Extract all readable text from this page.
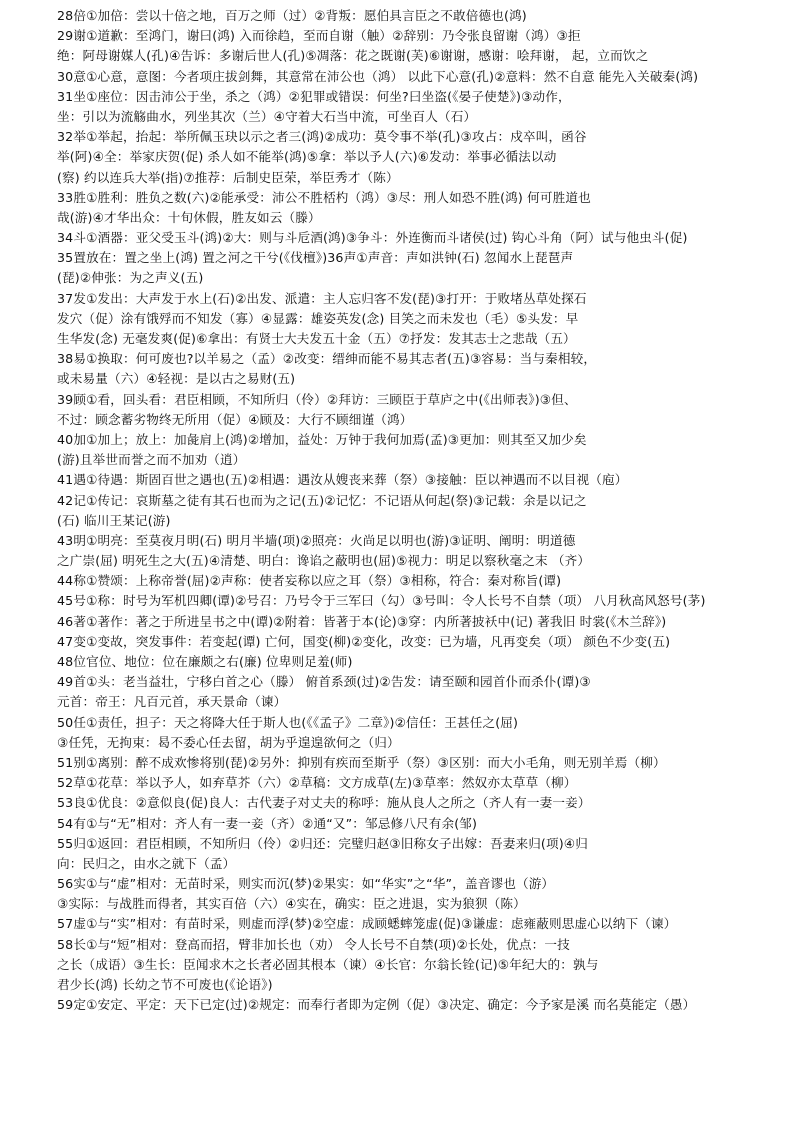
28倍①加倍：尝以十倍之地，百万之师（过）②背叛：愿伯具言臣之不敢倍德也(鸿)
29谢①道歉：至鸿门，谢曰(鸿) 入而徐趋，至而自谢（触）②辞别：乃令张良留谢（鸿）③拒
绝：阿母谢媒人(孔)④告诉：多谢后世人(孔)⑤凋落：花之既谢(芙)⑥谢谢，感谢：哙拜谢， 起，立而饮之
30意①心意，意图：今者项庄拔剑舞，其意常在沛公也（鸿） 以此下心意(孔)②意料：然不自意 能先入关破秦(鸿)
31坐①座位：因击沛公于坐，杀之（鸿）②犯罪或错误：何坐?曰坐盗(《晏子使楚》)③动作，
坐：引以为流觞曲水，列坐其次（兰）④守着大石当中流，可坐百人（石）
32举①举起，抬起：举所佩玉玦以示之者三(鸿)②成功：莫令事不举(孔)③攻占：戍卒叫，函谷
举(阿)④全：举家庆贺(促) 杀人如不能举(鸿)⑤拿：举以予人(六)⑥发动：举事必循法以动
(察) 约以连兵大举(指)⑦推荐：后制史臣荣，举臣秀才（陈）
33胜①胜利：胜负之数(六)②能承受：沛公不胜桮杓（鸿）③尽：刑人如恐不胜(鸿) 何可胜道也
哉(游)④才华出众：十旬休假，胜友如云（滕）
34斗①酒器：亚父受玉斗(鸿)②大：则与斗卮酒(鸿)③争斗：外连衡而斗诸侯(过) 钩心斗角（阿）试与他虫斗(促)
35置放在：置之坐上(鸿) 置之河之干兮(《伐檀》)36声①声音：声如洪钟(石) 忽闻水上琵琶声
(琵)②伸张：为之声义(五)
37发①发出：大声发于水上(石)②出发、派遣：主人忘归客不发(琵)③打开：于败堵丛草处探石
发穴（促）涂有饿殍而不知发（寡）④显露：雄姿英发(念) 目笑之而未发也（毛）⑤头发：早
生华发(念) 无毫发爽(促)⑥拿出：有贤士大夫发五十金（五）⑦抒发：发其志士之悲哉（五）
38易①换取：何可废也?以羊易之（孟）②改变：缙绅而能不易其志者(五)③容易：当与秦相较，
或未易量（六）④轻视：是以古之易财(五)
39顾①看，回头看：君臣相顾，不知所归（伶）②拜访：三顾臣于草庐之中(《出师表》)③但、
不过：顾念蓄劣物终无所用（促）④顾及：大行不顾细谨（鸿）
40加①加上；放上：加彘肩上(鸿)②增加，益处：万钟于我何加焉(孟)③更加：则其至又加少矣
(游)且举世而誉之而不加劝（逍）
41遇①待遇：斯固百世之遇也(五)②相遇：遇汝从嫂丧来葬（祭）③接触：臣以神遇而不以目视（庖）
42记①传记：哀斯墓之徒有其石也而为之记(五)②记忆：不记语从何起(祭)③记载：余是以记之
(石) 临川王某记(游)
43明①明亮：至莫夜月明(石) 明月半墙(项)②照亮：火尚足以明也(游)③证明、阐明：明道德
之广崇(屈) 明死生之大(五)④清楚、明白：谗谄之蔽明也(屈)⑤视力：明足以察秋毫之末 （齐）
44称①赞颂：上称帝誉(屈)②声称：使者妄称以应之耳（祭）③相称，符合：秦对称旨(谭)
45号①称：时号为军机四卿(谭)②号召：乃号令于三军曰（勾）③号叫：令人长号不自禁（项） 八月秋高风怒号(茅)
46著①著作：著之于所进呈书之中(谭)②附着：皆著于本(论)③穿：内所著披袄中(记) 著我旧 时裳(《木兰辞》)
47变①变故，突发事件：若变起(谭) 亡何，国变(柳)②变化，改变：已为墙，凡再变矣（项） 颜色不少变(五)
48位官位、地位：位在廉颇之右(廉) 位卑则足羞(师)
49首①头：老当益壮，宁移白首之心（滕） 俯首系颈(过)②告发：请至颐和园首仆而杀仆(谭)③
元首：帝王：凡百元首，承天景命（谏）
50任①责任，担子：天之将降大任于斯人也(《《孟子》二章》)②信任：王甚任之(屈)
③任凭，无拘束：曷不委心任去留，胡为乎遑遑欲何之（归）
51别①离别：醉不成欢惨将别(琵)②另外：抑别有疾而至斯乎（祭）③区别：而大小毛角，则无别羊焉（柳）
52草①花草：举以予人，如弃草芥（六）②草稿：文方成草(左)③草率：然奴亦太草草（柳）
53良①优良：②意似良(促)良人：古代妻子对丈夫的称呼：施从良人之所之（齐人有一妻一妾）
54有①与“无”相对：齐人有一妻一妾（齐）②通“又”：邹忌修八尺有余(邹)
55归①返回：君臣相顾，不知所归（伶）②归还：完璧归赵③旧称女子出嫁：吾妻来归(项)④归
向：民归之，由水之就下（孟）
56实①与“虚”相对：无苗时采，则实而沉(梦)②果实：如“华实”之“华”，盖音谬也（游）
③实际：与战胜而得者，其实百倍（六）④实在，确实：臣之进退，实为狼狈（陈）
57虚①与“实”相对：有苗时采，则虚而浮(梦)②空虚：成顾蟋蟀笼虚(促)③谦虚：虑雍蔽则思虚心以纳下（谏）
58长①与“短”相对：登高而招，臂非加长也（劝） 令人长号不自禁(项)②长处，优点：一技
之长（成语）③生长：臣闻求木之长者必固其根本（谏）④长官：尔翁长铨(记)⑤年纪大的：孰与
君少长(鸿) 长幼之节不可废也(《论语》)
59定①安定、平定：天下已定(过)②规定：而奉行者即为定例（促）③决定、确定：今予家是溪 而名莫能定（愚）
